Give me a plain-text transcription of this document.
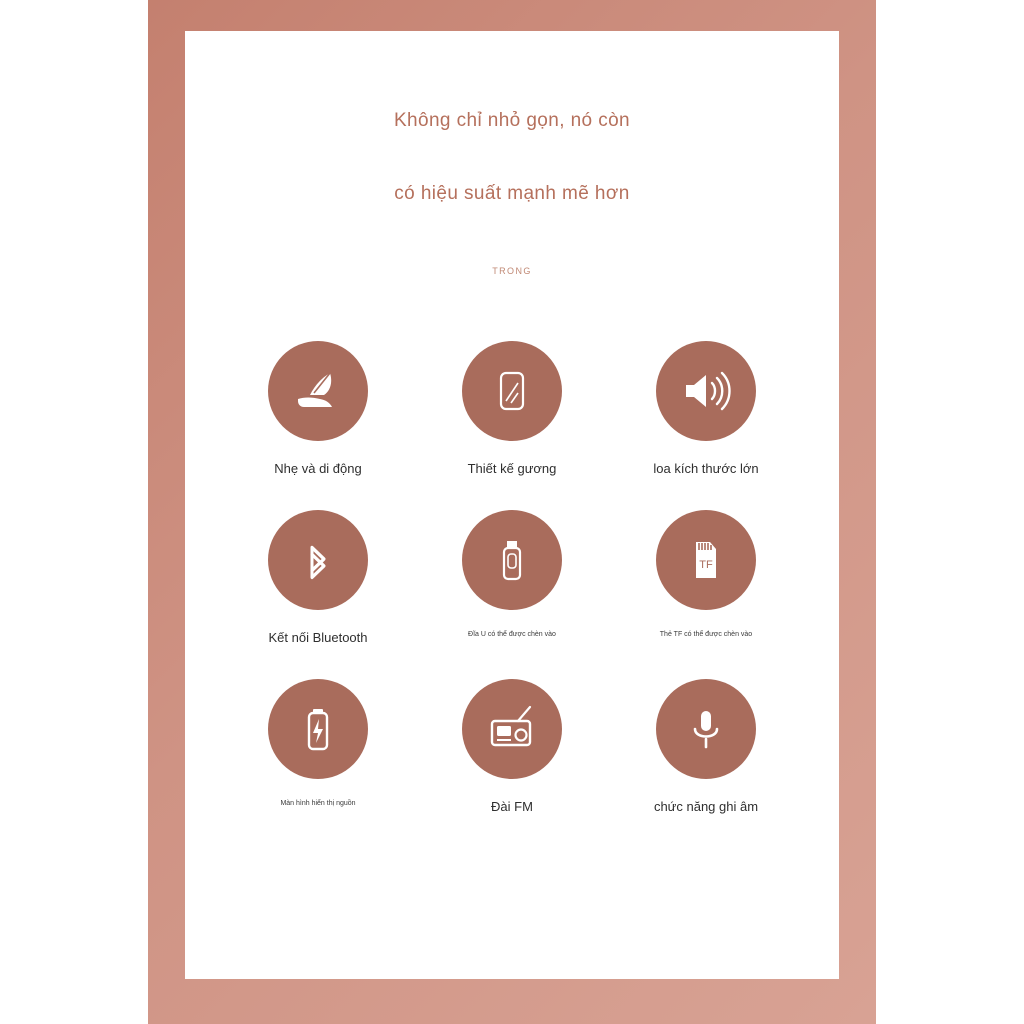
Không chỉ nhỏ gọn, nó còn
có hiệu suất mạnh mẽ hơn
TRONG
Nhẹ và di động	Thiết kế gương	loa kích thước lớn
Kết nối Bluetooth	Đĩa U có thể được chèn vào
TF
Thẻ TF có thể được chèn vào
Màn hình hiển thị nguồn	Đài FM	chức năng ghi âm
